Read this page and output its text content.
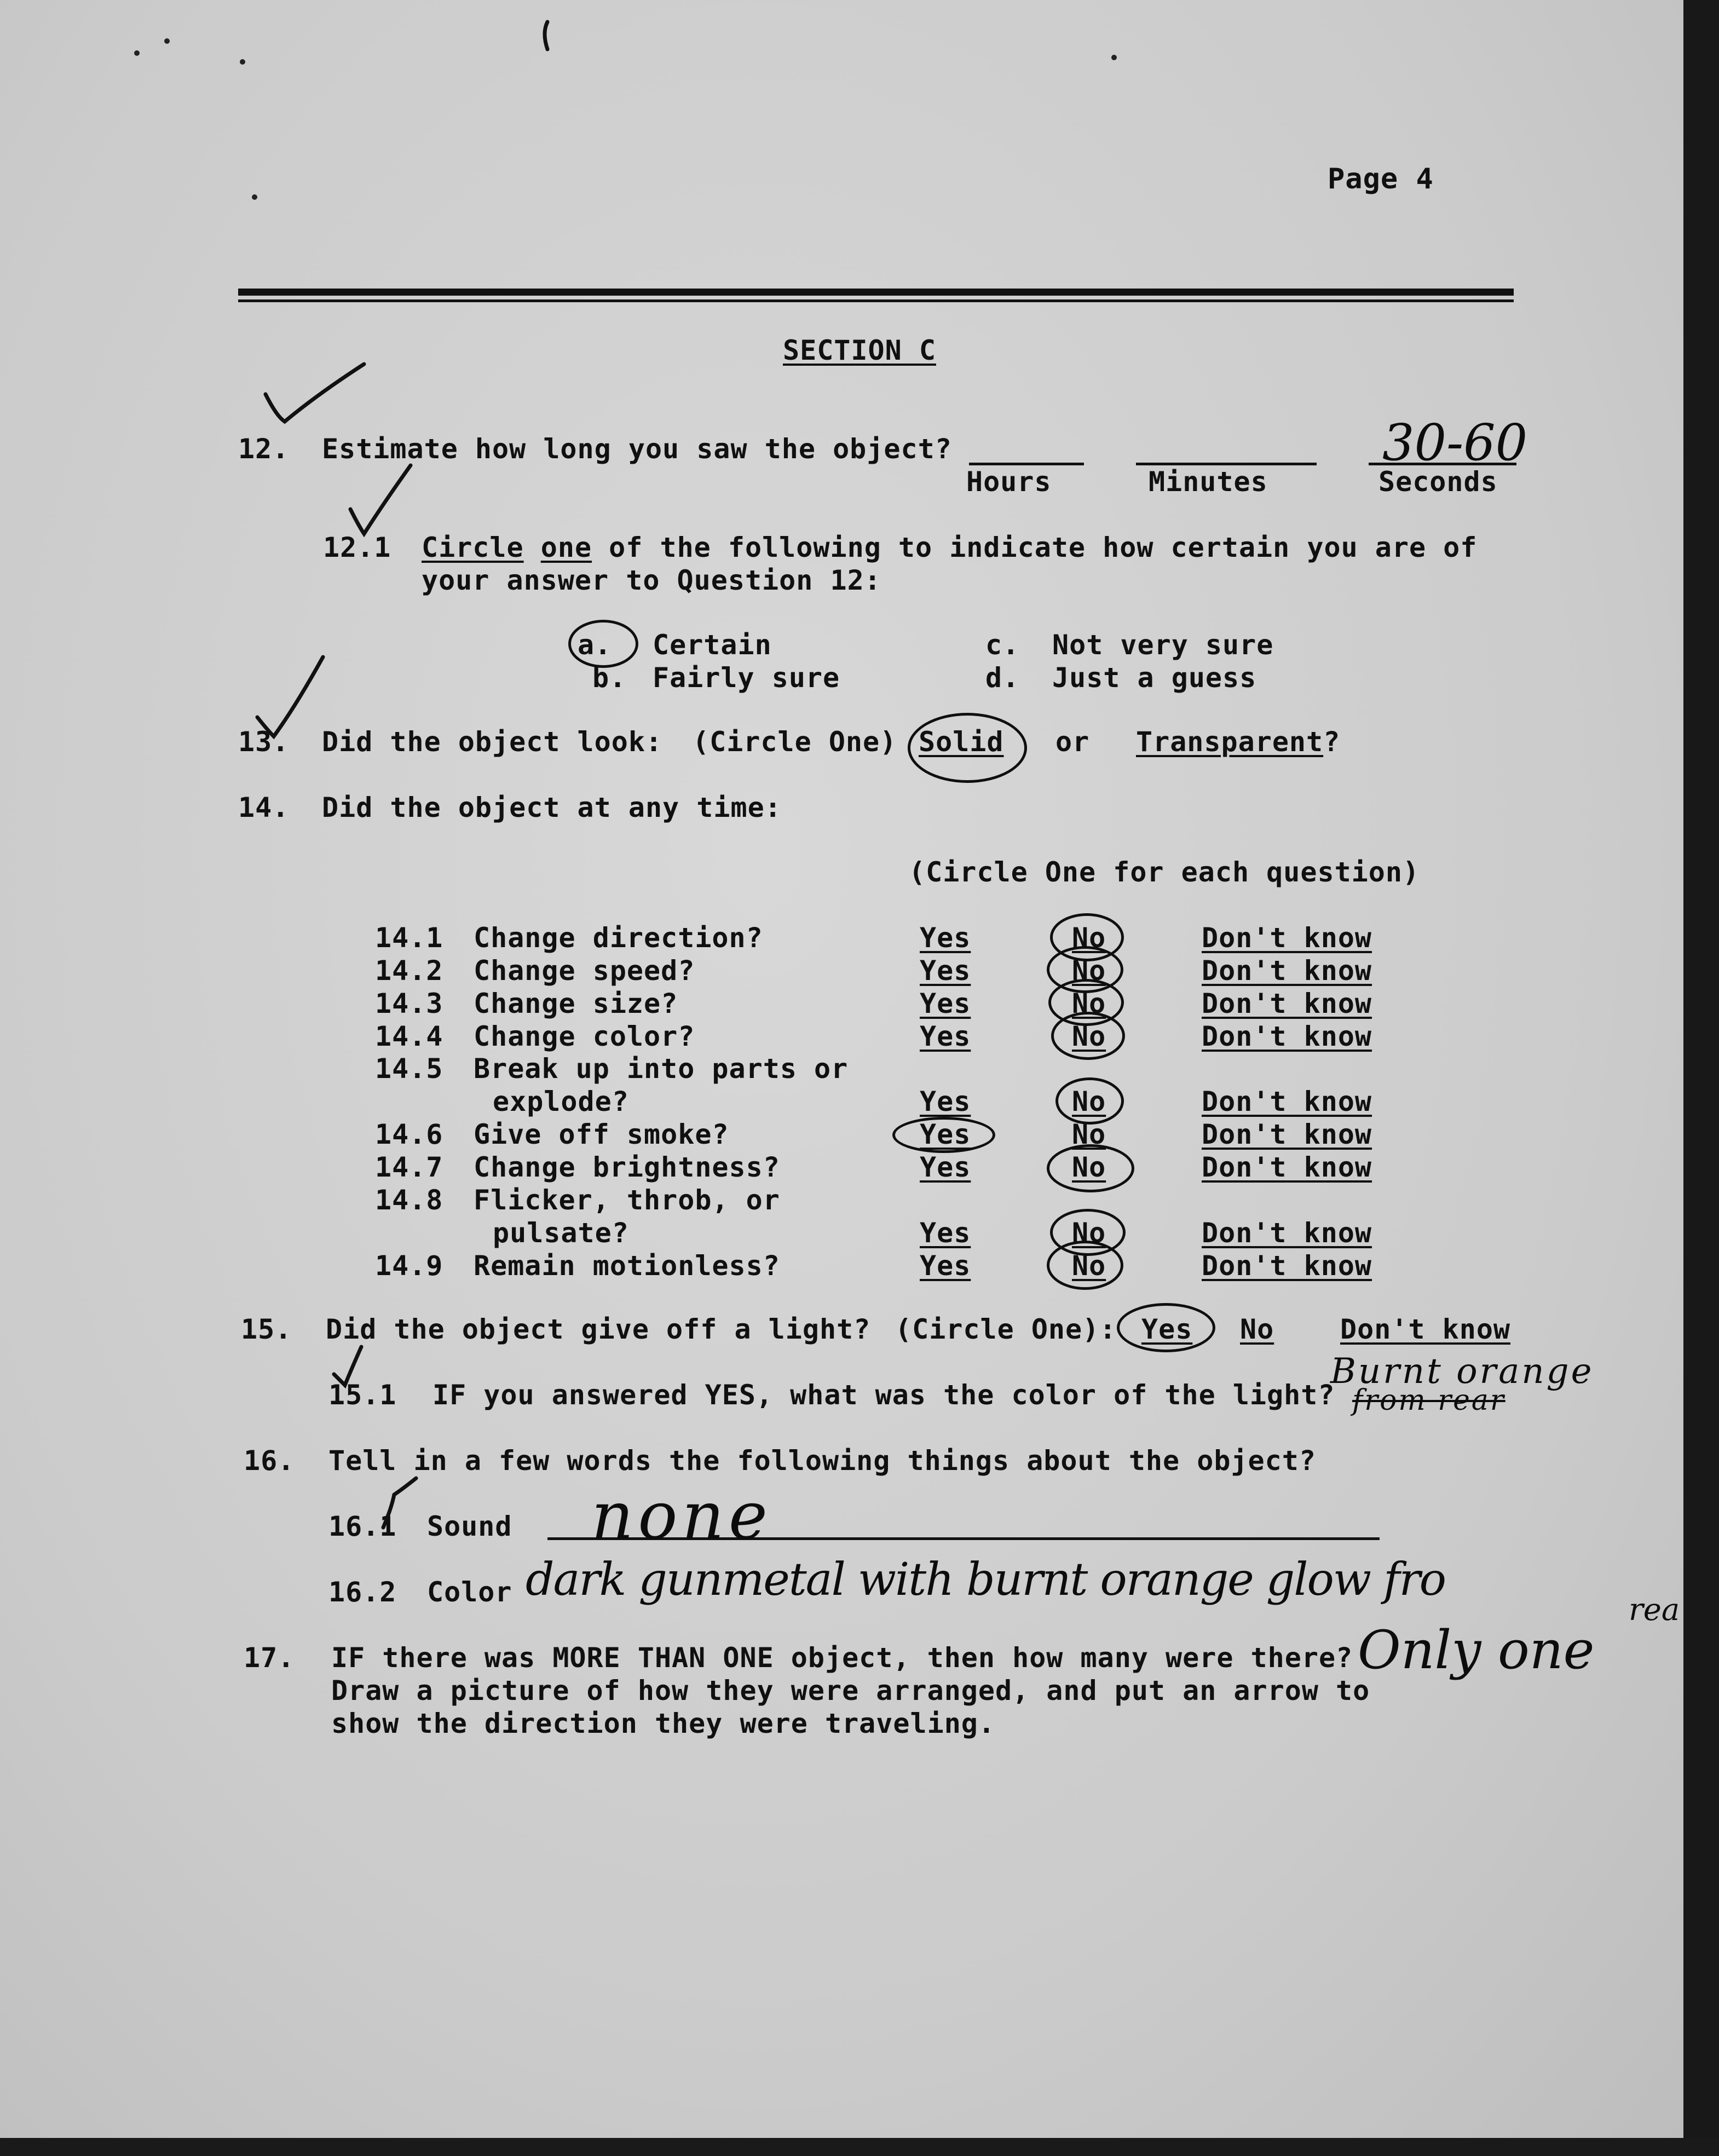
Page 4
SECTION C
12. Estimate how long you saw the object?
Hours	Minutes	Seconds
30-60
12.1 Circle one of the following to indicate how certain you are of
your answer to Question 12:
a. Certain
b. Fairly sure
c. Not very sure
d. Just a guess
13. Did the object look: (Circle One) Solid or Transparent?
14. Did the object at any time:
(Circle One for each question)
14.1 Change direction?	Yes	No	Don't know
14.2 Change speed?	Yes	No	Don't know
14.3 Change size?	Yes	No	Don't know
14.4 Change color?	Yes	No	Don't know
14.5 Break up into parts or
explode?	Yes	No	Don't know
14.6 Give off smoke?	Yes	No	Don't know
14.7 Change brightness?	Yes	No	Don't know
14.8 Flicker, throb, or
pulsate?	Yes	No	Don't know
14.9 Remain motionless?	Yes	No	Don't know
15. Did the object give off a light? (Circle One): Yes No Don't know
15.1 IF you answered YES, what was the color of the light?
Burnt orange
from rear
16. Tell in a few words the following things about the object?
16.1 Sound none
16.2 Color dark gunmetal with burnt orange glow fro
rea
17. IF there was MORE THAN ONE object, then how many were there?
Draw a picture of how they were arranged, and put an arrow to
show the direction they were traveling.
Only one
